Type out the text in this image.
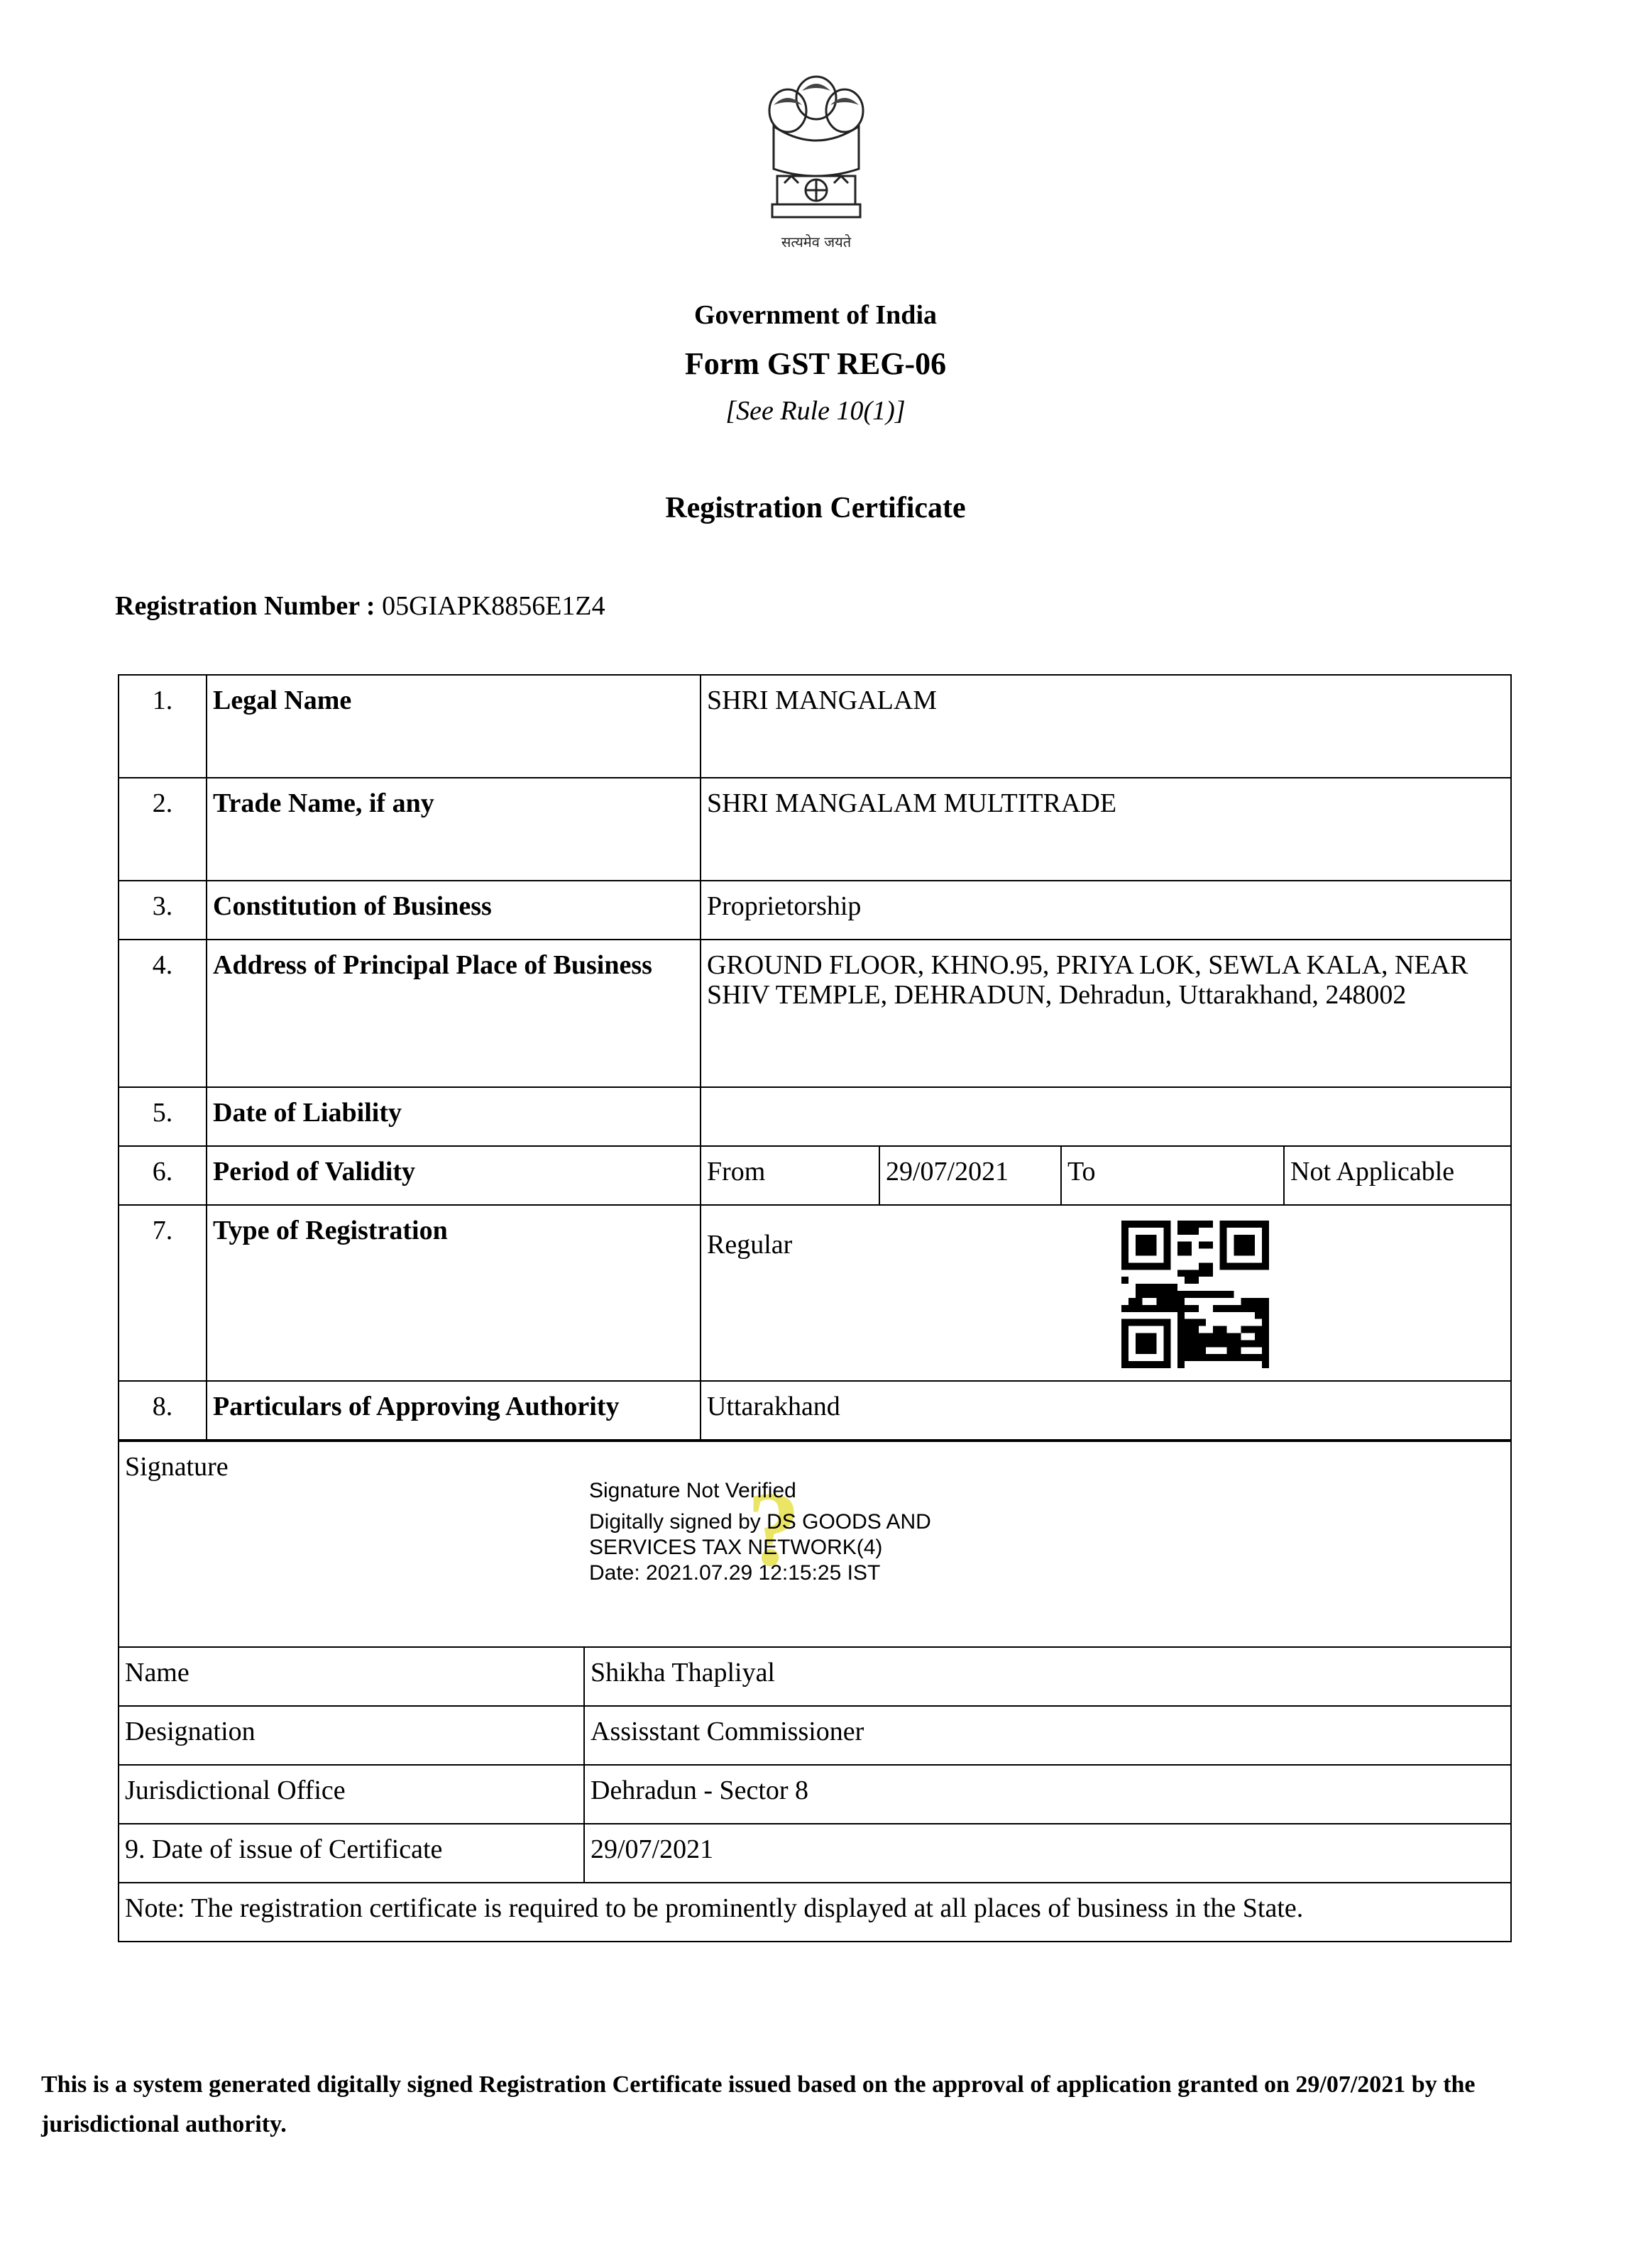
सत्यमेव जयते
Government of India
Form GST REG-06
[See Rule 10(1)]
Registration Certificate
Registration Number : 05GIAPK8856E1Z4
1.	Legal Name	SHRI MANGALAM			
2.	Trade Name, if any	SHRI MANGALAM MULTITRADE			
3.	Constitution of Business	Proprietorship			
4.	Address of Principal Place of Business	GROUND FLOOR, KHNO.95, PRIYA LOK, SEWLA KALA, NEAR SHIV TEMPLE, DEHRADUN, Dehradun, Uttarakhand, 248002			
5.	Date of Liability				
6.	Period of Validity	From	29/07/2021	To	Not Applicable
7.	Type of Registration	Regular			
8.	Particulars of Approving Authority	Uttarakhand			
Signature	
Name	Shikha Thapliyal
Designation	Assisstant Commissioner
Jurisdictional Office	Dehradun - Sector 8
9. Date of issue of Certificate	29/07/2021
Note: The registration certificate is required to be prominently displayed at all places of business in the State.	
?
Signature Not Verified
Digitally signed by DS GOODS AND
SERVICES TAX NETWORK(4)
Date: 2021.07.29 12:15:25 IST
This is a system generated digitally signed Registration Certificate issued based on the approval of application granted on 29/07/2021 by the jurisdictional authority.
